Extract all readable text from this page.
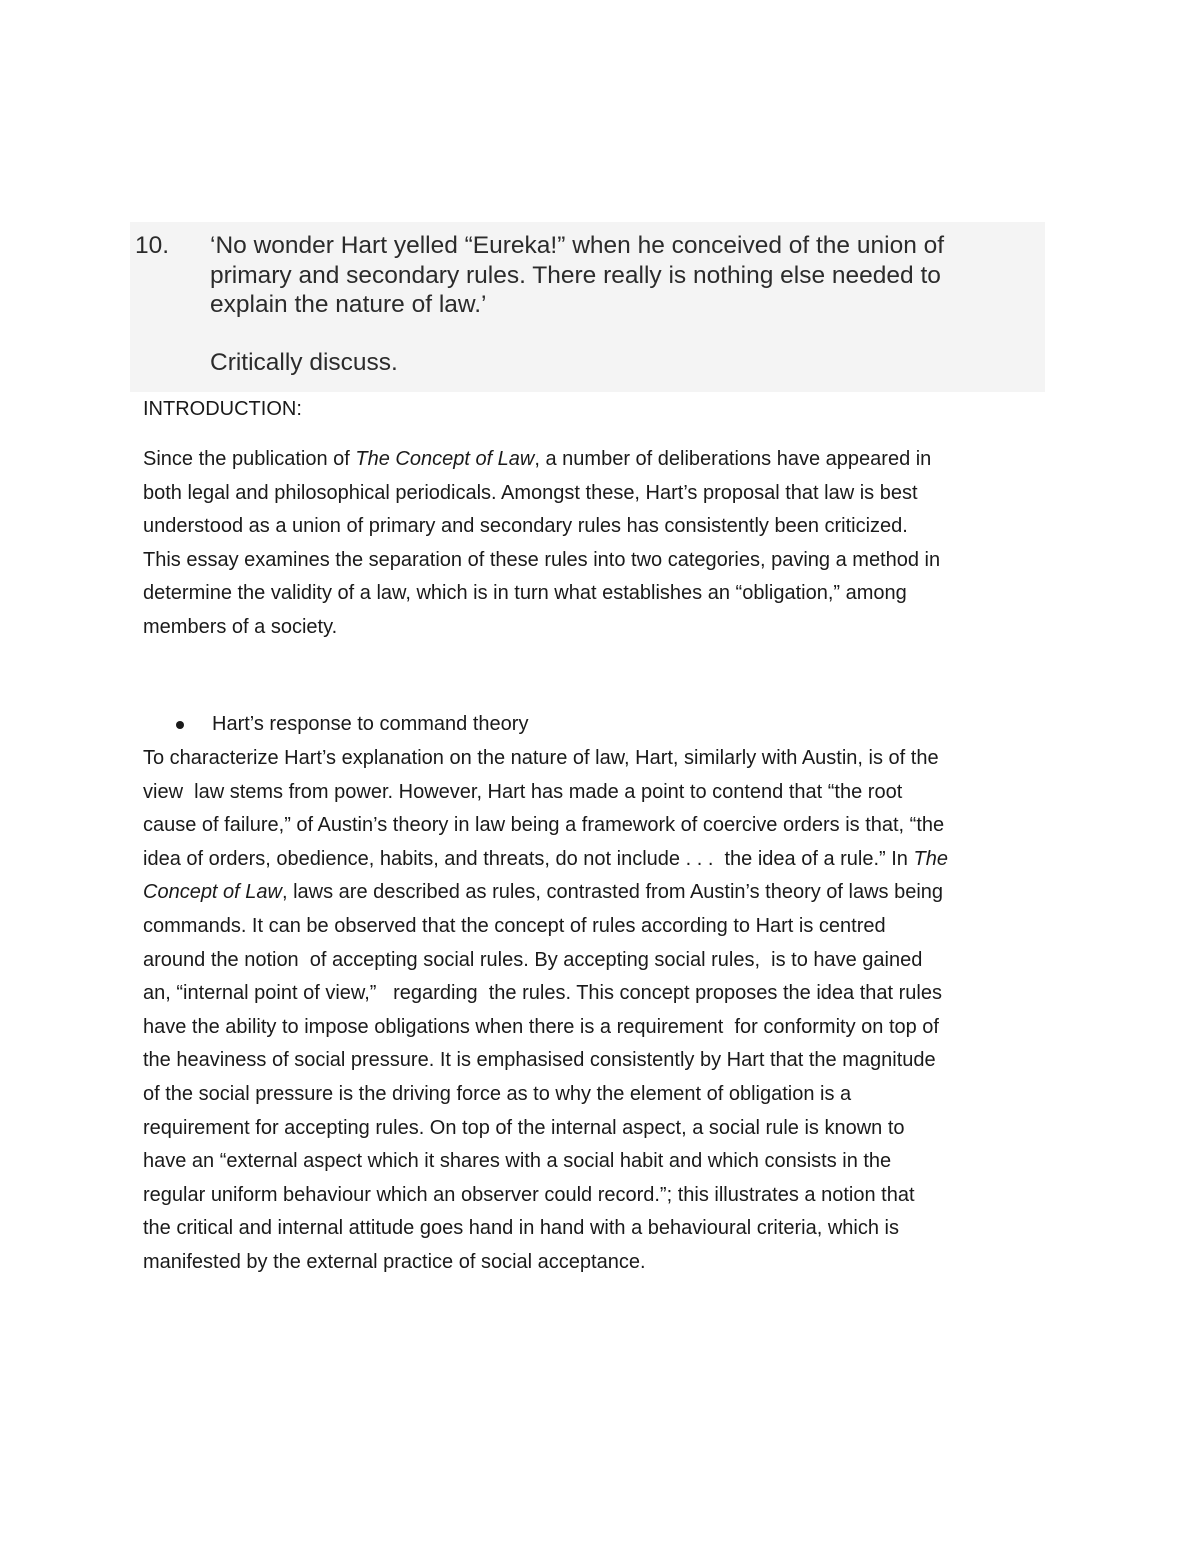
10. ‘No wonder Hart yelled “Eureka!” when he conceived of the union of
primary and secondary rules. There really is nothing else needed to
explain the nature of law.’
Critically discuss.
INTRODUCTION:
Since the publication of The Concept of Law, a number of deliberations have appeared in
both legal and philosophical periodicals. Amongst these, Hart’s proposal that law is best
understood as a union of primary and secondary rules has consistently been criticized.
This essay examines the separation of these rules into two categories, paving a method in
determine the validity of a law, which is in turn what establishes an “obligation,” among
members of a society.
Hart’s response to command theory
To characterize Hart’s explanation on the nature of law, Hart, similarly with Austin, is of the
view  law stems from power. However, Hart has made a point to contend that “the root
cause of failure,” of Austin’s theory in law being a framework of coercive orders is that, “the
idea of orders, obedience, habits, and threats, do not include . . .  the idea of a rule.” In The
Concept of Law, laws are described as rules, contrasted from Austin’s theory of laws being
commands. It can be observed that the concept of rules according to Hart is centred
around the notion  of accepting social rules. By accepting social rules,  is to have gained
an, “internal point of view,”   regarding  the rules. This concept proposes the idea that rules
have the ability to impose obligations when there is a requirement  for conformity on top of
the heaviness of social pressure. It is emphasised consistently by Hart that the magnitude
of the social pressure is the driving force as to why the element of obligation is a
requirement for accepting rules. On top of the internal aspect, a social rule is known to
have an “external aspect which it shares with a social habit and which consists in the
regular uniform behaviour which an observer could record.”; this illustrates a notion that
the critical and internal attitude goes hand in hand with a behavioural criteria, which is
manifested by the external practice of social acceptance.
